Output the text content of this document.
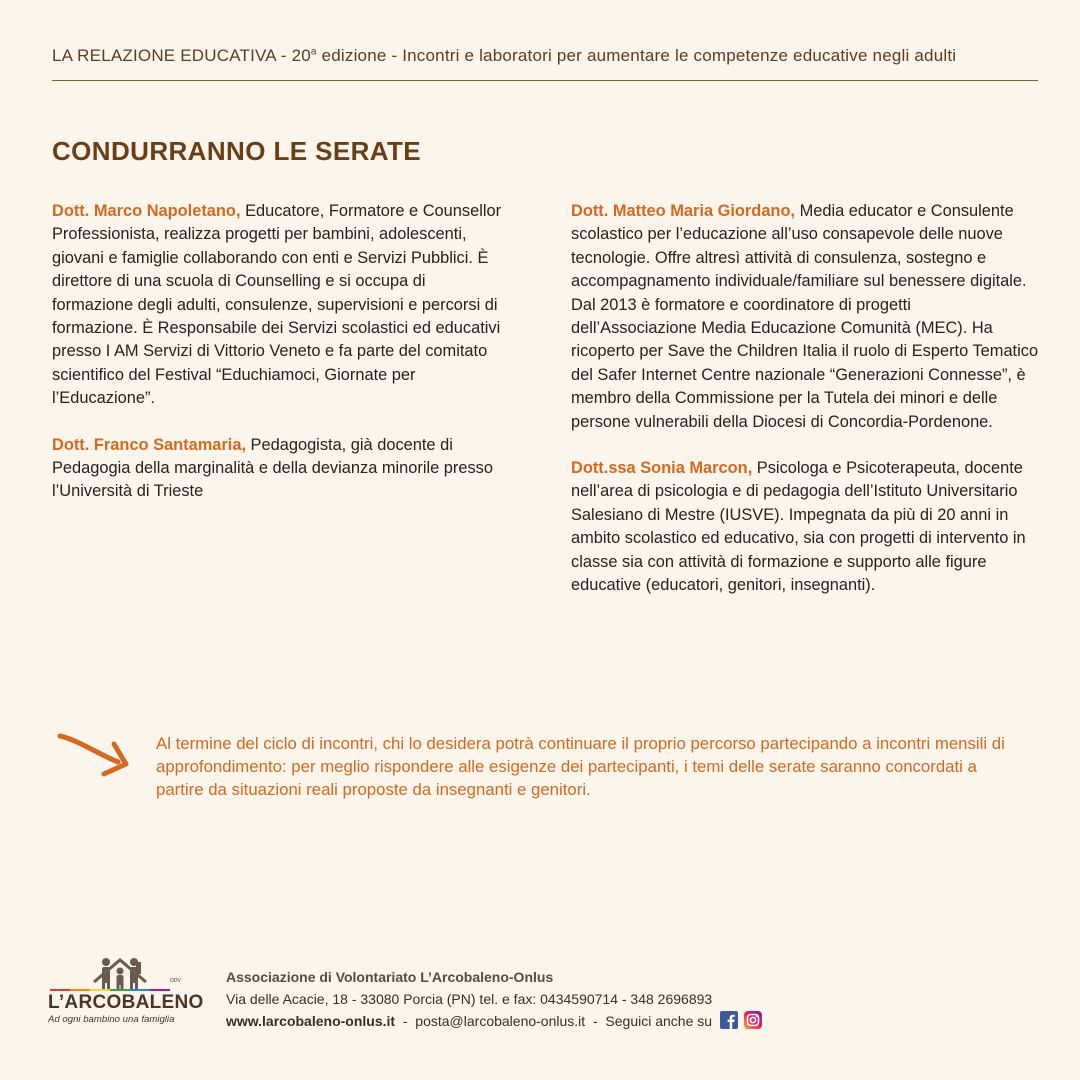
LA RELAZIONE EDUCATIVA - 20$^a$ edizione - Incontri e laboratori per aumentare le competenze educative negli adulti
CONDURRANNO LE SERATE

Dott. Marco Napoletano, Educatore, Formatore e Counsellor Professionista, realizza progetti per bambini, adolescenti, giovani e famiglie collaborando con enti e Servizi Pubblici. È direttore di una scuola di Counselling e si occupa di formazione degli adulti, consulenze, supervisioni e percorsi di formazione. È Responsabile dei Servizi scolastici ed educativi presso I AM Servizi di Vittorio Veneto e fa parte del comitato scientifico del Festival “Educhiamoci, Giornate per l’Educazione”.

Dott. Franco Santamaria, Pedagogista, già docente di Pedagogia della marginalità e della devianza minorile presso l’Università di Trieste

Dott. Matteo Maria Giordano, Media educator e Consulente scolastico per l’educazione all’uso consapevole delle nuove tecnologie. Offre altresì attività di consulenza, sostegno e accompagnamento individuale/familiare sul benessere digitale. Dal 2013 è formatore e coordinatore di progetti dell’Associazione Media Educazione Comunità (MEC). Ha ricoperto per Save the Children Italia il ruolo di Esperto Tematico del Safer Internet Centre nazionale “Generazioni Connesse”, è membro della Commissione per la Tutela dei minori e delle persone vulnerabili della Diocesi di Concordia-Pordenone.

Dott.ssa Sonia Marcon, Psicologa e Psicoterapeuta, docente nell’area di psicologia e di pedagogia dell’Istituto Universitario Salesiano di Mestre (IUSVE). Impegnata da più di 20 anni in ambito scolastico ed educativo, sia con progetti di intervento in classe sia con attività di formazione e supporto alle figure educative (educatori, genitori, insegnanti).

Al termine del ciclo di incontri, chi lo desidera potrà continuare il proprio percorso partecipando a incontri mensili di approfondimento: per meglio rispondere alle esigenze dei partecipanti, i temi delle serate saranno concordati a partire da situazioni reali proposte da insegnanti e genitori.
ODV
L’ARCOBALENO
Ad ogni bambino una famiglia
Associazione di Volontariato L’Arcobaleno-Onlus
Via delle Acacie, 18 - 33080 Porcia (PN) tel. e fax: 0434590714 - 348 2696893
www.larcobaleno-onlus.it  -  posta@larcobaleno-onlus.it  -  Seguici anche su
